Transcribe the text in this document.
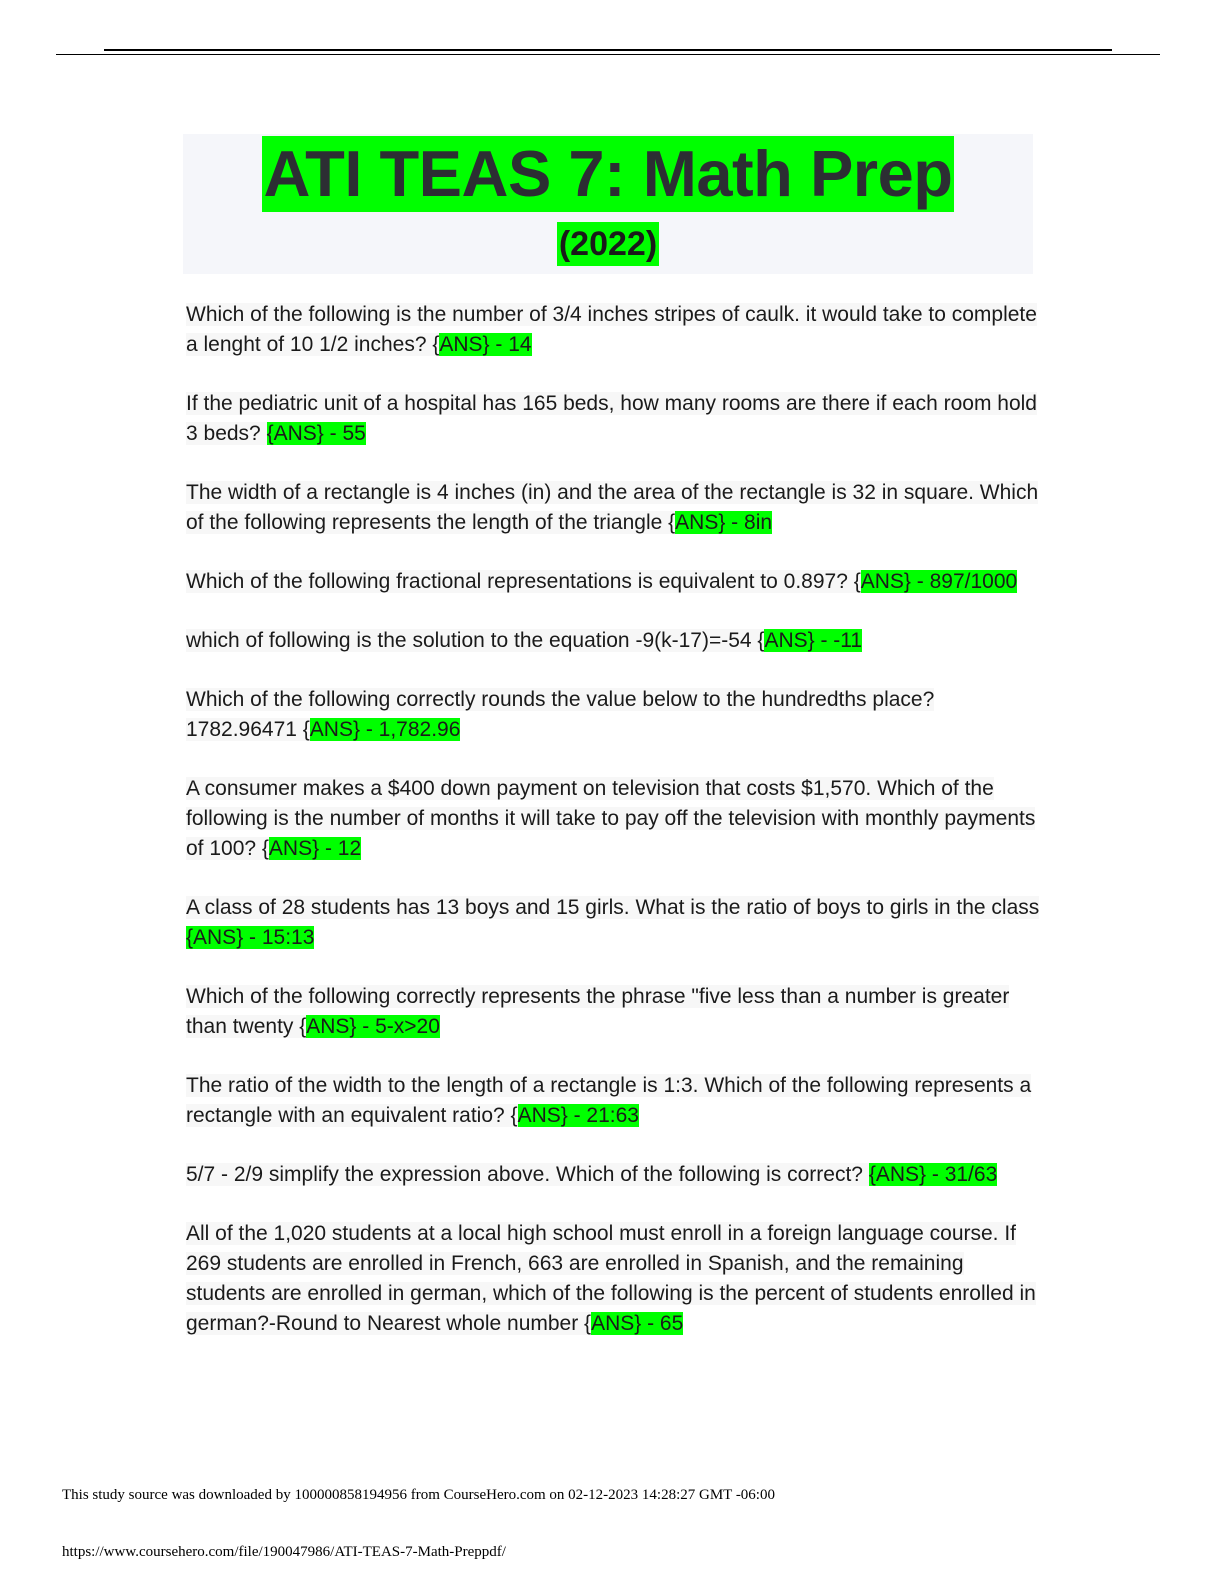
ATI TEAS 7: Math Prep
(2022)
Which of the following is the number of 3/4 inches stripes of caulk. it would take to complete a lenght of 10 1/2 inches? {ANS} - 14
If the pediatric unit of a hospital has 165 beds, how many rooms are there if each room hold 3 beds? {ANS} - 55
The width of a rectangle is 4 inches (in) and the area of the rectangle is 32 in square. Which of the following represents the length of the triangle {ANS} - 8in
Which of the following fractional representations is equivalent to 0.897? {ANS} - 897/1000
which of following is the solution to the equation -9(k-17)=-54 {ANS} - -11
Which of the following correctly rounds the value below to the hundredths place? 1782.96471 {ANS} - 1,782.96
A consumer makes a $400 down payment on television that costs $1,570. Which of the following is the number of months it will take to pay off the television with monthly payments of 100? {ANS} - 12
A class of 28 students has 13 boys and 15 girls. What is the ratio of boys to girls in the class {ANS} - 15:13
Which of the following correctly represents the phrase "five less than a number is greater than twenty {ANS} - 5-x>20
The ratio of the width to the length of a rectangle is 1:3. Which of the following represents a rectangle with an equivalent ratio? {ANS} - 21:63
5/7 - 2/9 simplify the expression above. Which of the following is correct? {ANS} - 31/63
All of the 1,020 students at a local high school must enroll in a foreign language course. If 269 students are enrolled in French, 663 are enrolled in Spanish, and the remaining students are enrolled in german, which of the following is the percent of students enrolled in german?-Round to Nearest whole number {ANS} - 65
This study source was downloaded by 100000858194956 from CourseHero.com on 02-12-2023 14:28:27 GMT -06:00
https://www.coursehero.com/file/190047986/ATI-TEAS-7-Math-Preppdf/
